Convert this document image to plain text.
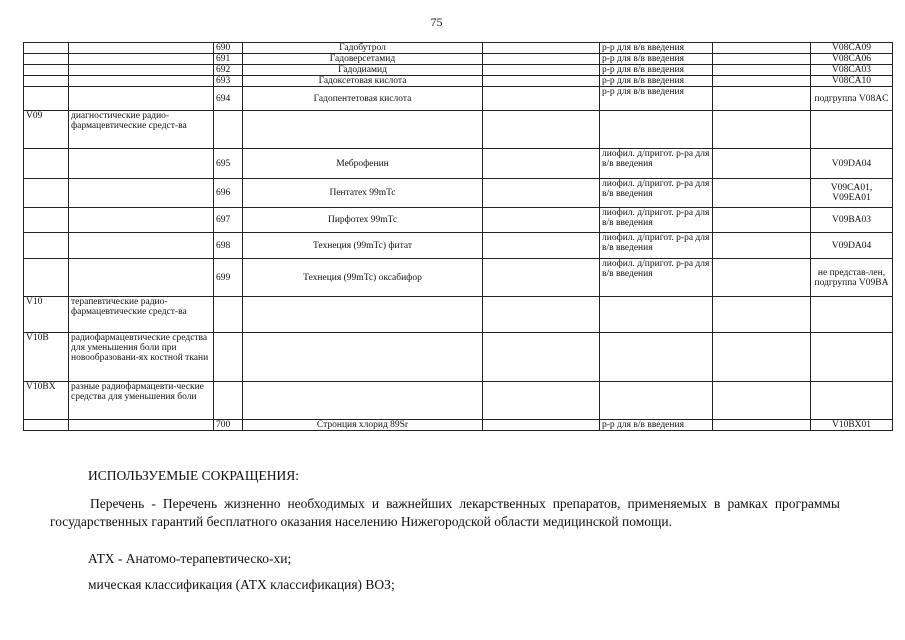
75
		690	Гадобутрол		р-р для в/в введения		V08CA09
		691	Гадоверсетамид		р-р для в/в введения		V08CA06
		692	Гадодиамид		р-р для в/в введения		V08CA03
		693	Гадоксетовая кислота		р-р для в/в введения		V08CA10
		694	Гадопентетовая кислота		р-р для в/в введения		подгруппа V08AC
V09	диагностические радио-фармацевтические средст-ва						
		695	Меброфенин		лиофил. д/пригот. р-ра для в/в введения		V09DA04
		696	Пентатех 99mTc		лиофил. д/пригот. р-ра для в/в введения		V09CA01, V09EA01
		697	Пирфотех 99mTc		лиофил. д/пригот. р-ра для в/в введения		V09BA03
		698	Технеция (99mTc) фитат		лиофил. д/пригот. р-ра для в/в введения		V09DA04
		699	Технеция (99mTc) оксабифор		лиофил. д/пригот. р-ра для в/в введения		не представ-лен, подгруппа V09BA
V10	терапевтические радио-фармацевтические средст-ва						
V10B	радиофармацевтические средства для уменьшения боли при новообразовани-ях костной ткани						
V10BX	разные радиофармацевти-ческие средства для уменьшения боли						
		700	Стронция хлорид 89Sr		р-р для в/в введения		V10BX01
ИСПОЛЬЗУЕМЫЕ СОКРАЩЕНИЯ:
Перечень - Перечень жизненно необходимых и важнейших лекарственных препаратов, применяемых в рамках программы государственных гарантий бесплатного оказания населению Нижегородской области медицинской помощи.
АТХ - Анатомо-терапевтическо-хи;
мическая классификация (АТХ классификация) ВОЗ;
